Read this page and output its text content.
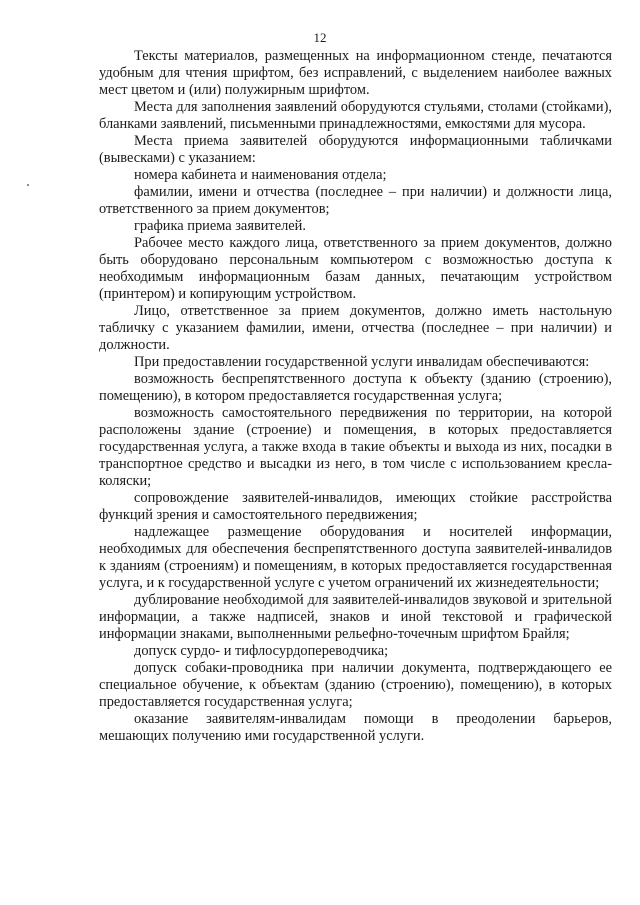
12

Тексты материалов, размещенных на информационном стенде, печатаются удобным для чтения шрифтом, без исправлений, с выделением наиболее важных мест цветом и (или) полужирным шрифтом.

Места для заполнения заявлений оборудуются стульями, столами (стойками), бланками заявлений, письменными принадлежностями, емкостями для мусора.

Места приема заявителей оборудуются информационными табличками (вывесками) с указанием:

номера кабинета и наименования отдела;

фамилии, имени и отчества (последнее – при наличии) и должности лица, ответственного за прием документов;

графика приема заявителей.

Рабочее место каждого лица, ответственного за прием документов, должно быть оборудовано персональным компьютером с возможностью доступа к необходимым информационным базам данных, печатающим устройством (принтером) и копирующим устройством.

Лицо, ответственное за прием документов, должно иметь настольную табличку с указанием фамилии, имени, отчества (последнее – при наличии) и должности.

При предоставлении государственной услуги инвалидам обеспечиваются:

возможность беспрепятственного доступа к объекту (зданию (строению), помещению), в котором предоставляется государственная услуга;

возможность самостоятельного передвижения по территории, на которой расположены здание (строение) и помещения, в которых предоставляется государственная услуга, а также входа в такие объекты и выхода из них, посадки в транспортное средство и высадки из него, в том числе с использованием кресла-коляски;

сопровождение заявителей-инвалидов, имеющих стойкие расстройства функций зрения и самостоятельного передвижения;

надлежащее размещение оборудования и носителей информации, необходимых для обеспечения беспрепятственного доступа заявителей-инвалидов к зданиям (строениям) и помещениям, в которых предоставляется государственная услуга, и к государственной услуге с учетом ограничений их жизнедеятельности;

дублирование необходимой для заявителей-инвалидов звуковой и зрительной информации, а также надписей, знаков и иной текстовой и графической информации знаками, выполненными рельефно-точечным шрифтом Брайля;

допуск сурдо- и тифлосурдопереводчика;

допуск собаки-проводника при наличии документа, подтверждающего ее специальное обучение, к объектам (зданию (строению), помещению), в которых предоставляется государственная услуга;

оказание заявителям-инвалидам помощи в преодолении барьеров, мешающих получению ими государственной услуги.
